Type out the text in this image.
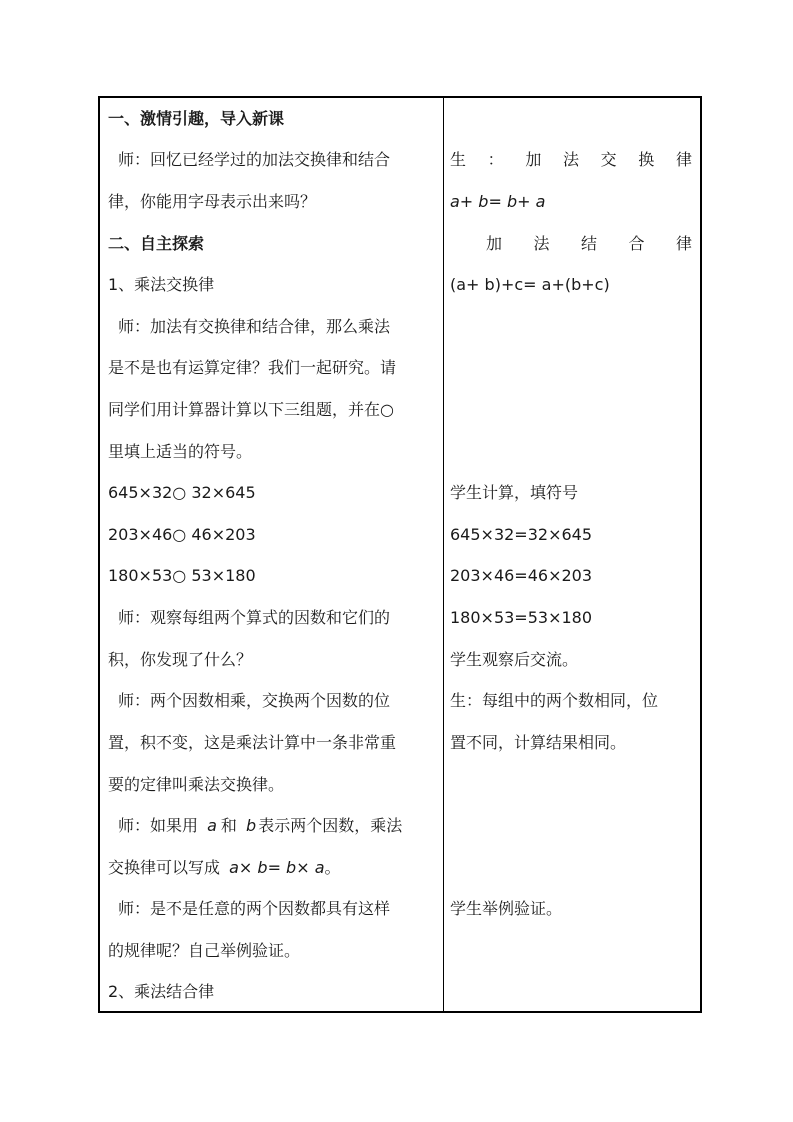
一、激情引趣，导入新课
师：回忆已经学过的加法交换律和结合
律，你能用字母表示出来吗？
二、自主探索
1、乘法交换律
师：加法有交换律和结合律，那么乘法
是不是也有运算定律？我们一起研究。请
同学们用计算器计算以下三组题，并在○
里填上适当的符号。
645×32○ 32×645
203×46○ 46×203
180×53○ 53×180
师：观察每组两个算式的因数和它们的
积，你发现了什么？
师：两个因数相乘，交换两个因数的位
置，积不变，这是乘法计算中一条非常重
要的定律叫乘法交换律。
师：如果用 a 和 b 表示两个因数，乘法
交换律可以写成 a× b= b× a。
师：是不是任意的两个因数都具有这样
的规律呢？自己举例验证。
2、乘法结合律
生 ： 加 法 交 换 律
a+ b= b+ a
加 法 结 合 律
(a+ b)+c= a+(b+c)
学生计算，填符号
645×32=32×645
203×46=46×203
180×53=53×180
学生观察后交流。
生：每组中的两个数相同，位
置不同，计算结果相同。
学生举例验证。
